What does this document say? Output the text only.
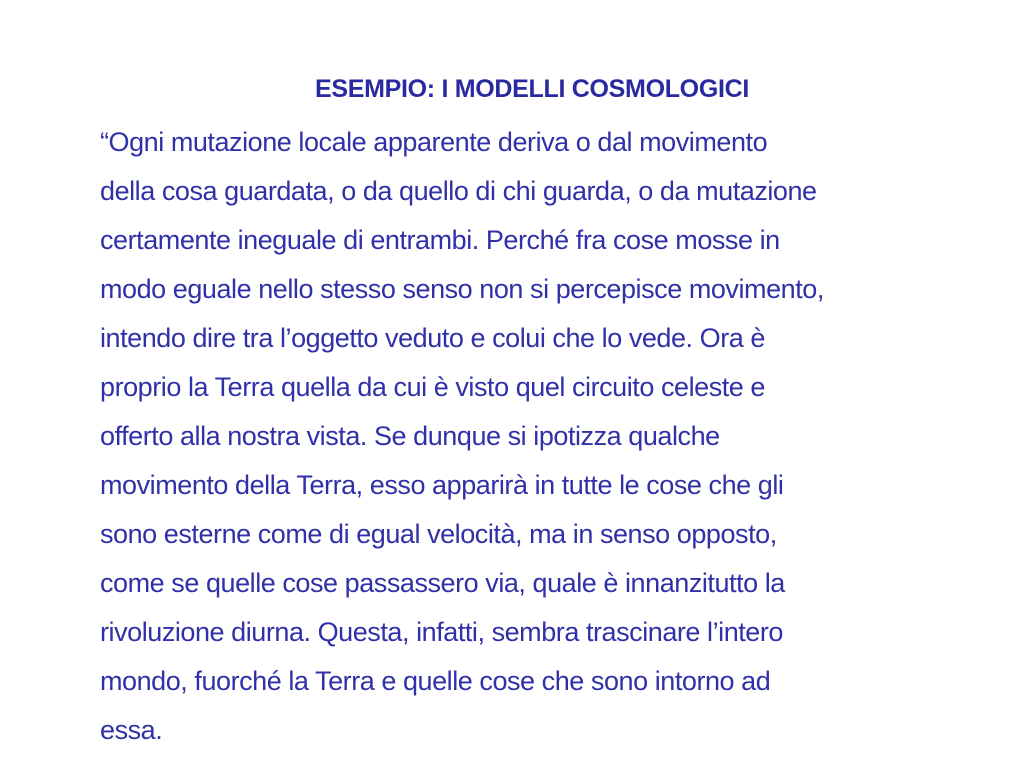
ESEMPIO: I MODELLI COSMOLOGICI
“Ogni mutazione locale apparente deriva o dal movimento
della cosa guardata, o da quello di chi guarda, o da mutazione
certamente ineguale di entrambi. Perché fra cose mosse in
modo eguale nello stesso senso non si percepisce movimento,
intendo dire tra l’oggetto veduto e colui che lo vede. Ora è
proprio la Terra quella da cui è visto quel circuito celeste e
offerto alla nostra vista. Se dunque si ipotizza qualche
movimento della Terra, esso apparirà in tutte le cose che gli
sono esterne come di egual velocità, ma in senso opposto,
come se quelle cose passassero via, quale è innanzitutto la
rivoluzione diurna. Questa, infatti, sembra trascinare l’intero
mondo, fuorché la Terra e quelle cose che sono intorno ad
essa.
